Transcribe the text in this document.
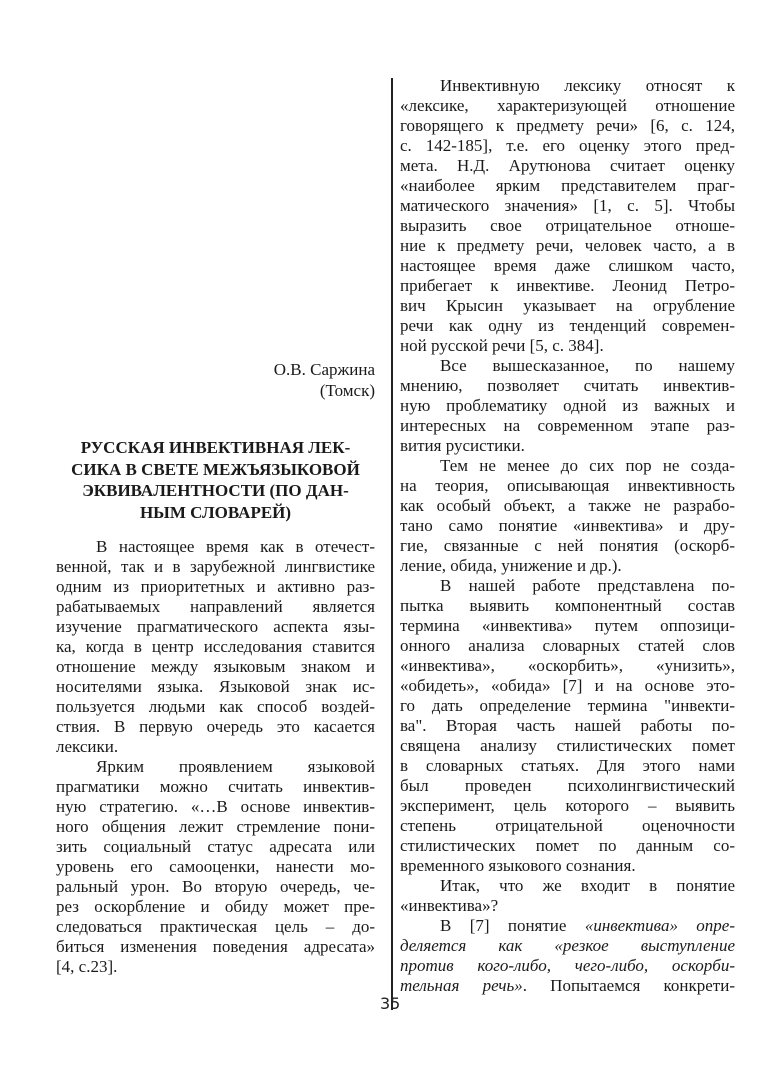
О.В. Саржина
(Томск)
РУССКАЯ ИНВЕКТИВНАЯ ЛЕК-
СИКА В СВЕТЕ МЕЖЪЯЗЫКОВОЙ
ЭКВИВАЛЕНТНОСТИ (ПО ДАН-
НЫМ СЛОВАРЕЙ)
В настоящее время как в отечест-
венной, так и в зарубежной лингвистике
одним из приоритетных и активно раз-
рабатываемых направлений является
изучение прагматического аспекта язы-
ка, когда в центр исследования ставится
отношение между языковым знаком и
носителями языка. Языковой знак ис-
пользуется людьми как способ воздей-
ствия. В первую очередь это касается
лексики.
Ярким проявлением языковой
прагматики можно считать инвектив-
ную стратегию. «…В основе инвектив-
ного общения лежит стремление пони-
зить социальный статус адресата или
уровень его самооценки, нанести мо-
ральный урон. Во вторую очередь, че-
рез оскорбление и обиду может пре-
следоваться практическая цель – до-
биться изменения поведения адресата»
[4, с.23].
Инвективную лексику относят к
«лексике, характеризующей отношение
говорящего к предмету речи» [6, с. 124,
с. 142-185], т.е. его оценку этого пред-
мета. Н.Д. Арутюнова считает оценку
«наиболее ярким представителем праг-
матического значения» [1, с. 5]. Чтобы
выразить свое отрицательное отноше-
ние к предмету речи, человек часто, а в
настоящее время даже слишком часто,
прибегает к инвективе. Леонид Петро-
вич Крысин указывает на огрубление
речи как одну из тенденций современ-
ной русской речи [5, с. 384].
Все вышесказанное, по нашему
мнению, позволяет считать инвектив-
ную проблематику одной из важных и
интересных на современном этапе раз-
вития русистики.
Тем не менее до сих пор не созда-
на теория, описывающая инвективность
как особый объект, а также не разрабо-
тано само понятие «инвектива» и дру-
гие, связанные с ней понятия (оскорб-
ление, обида, унижение и др.).
В нашей работе представлена по-
пытка выявить компонентный состав
термина «инвектива» путем оппозици-
онного анализа словарных статей слов
«инвектива», «оскорбить», «унизить»,
«обидеть», «обида» [7] и на основе это-
го дать определение термина "инвекти-
ва". Вторая часть нашей работы по-
священа анализу стилистических помет
в словарных статьях. Для этого нами
был проведен психолингвистический
эксперимент, цель которого – выявить
степень отрицательной оценочности
стилистических помет по данным со-
временного языкового сознания.
Итак, что же входит в понятие
«инвектива»?
В [7] понятие «инвектива» опре-
деляется как «резкое выступление
против кого-либо, чего-либо, оскорби-
тельная речь». Попытаемся конкрети-
35
